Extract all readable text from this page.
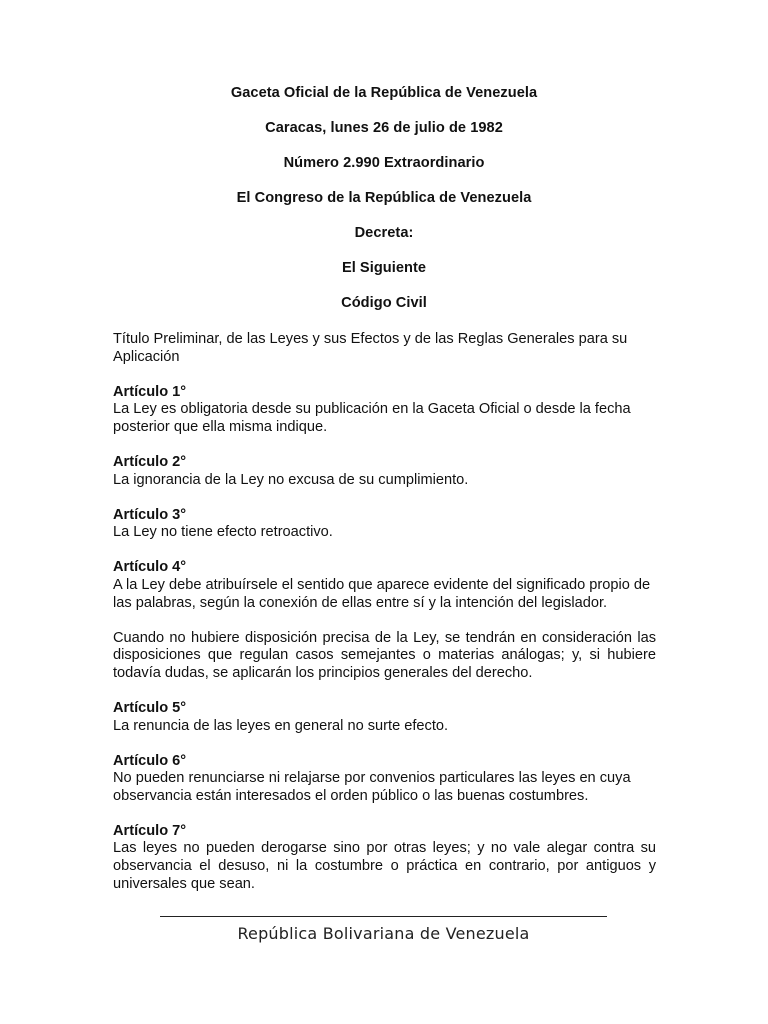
Gaceta Oficial de la República de Venezuela
Caracas, lunes 26 de julio de 1982
Número 2.990 Extraordinario
El Congreso de la República de Venezuela
Decreta:
El Siguiente
Código Civil

Título Preliminar, de las Leyes y sus Efectos y de las Reglas Generales para su Aplicación

Artículo 1°

La Ley es obligatoria desde su publicación en la Gaceta Oficial o desde la fecha posterior que ella misma indique.

Artículo 2°

La ignorancia de la Ley no excusa de su cumplimiento.

Artículo 3°

La Ley no tiene efecto retroactivo.

Artículo 4°

A la Ley debe atribuírsele el sentido que aparece evidente del significado propio de las palabras, según la conexión de ellas entre sí y la intención del legislador.

Cuando no hubiere disposición precisa de la Ley, se tendrán en consideración las disposiciones que regulan casos semejantes o materias análogas; y, si hubiere todavía dudas, se aplicarán los principios generales del derecho.

Artículo 5°

La renuncia de las leyes en general no surte efecto.

Artículo 6°

No pueden renunciarse ni relajarse por convenios particulares las leyes en cuya observancia están interesados el orden público o las buenas costumbres.

Artículo 7°

Las leyes no pueden derogarse sino por otras leyes; y no vale alegar contra su observancia el desuso, ni la costumbre o práctica en contrario, por antiguos y universales que sean.

República Bolivariana de Venezuela
